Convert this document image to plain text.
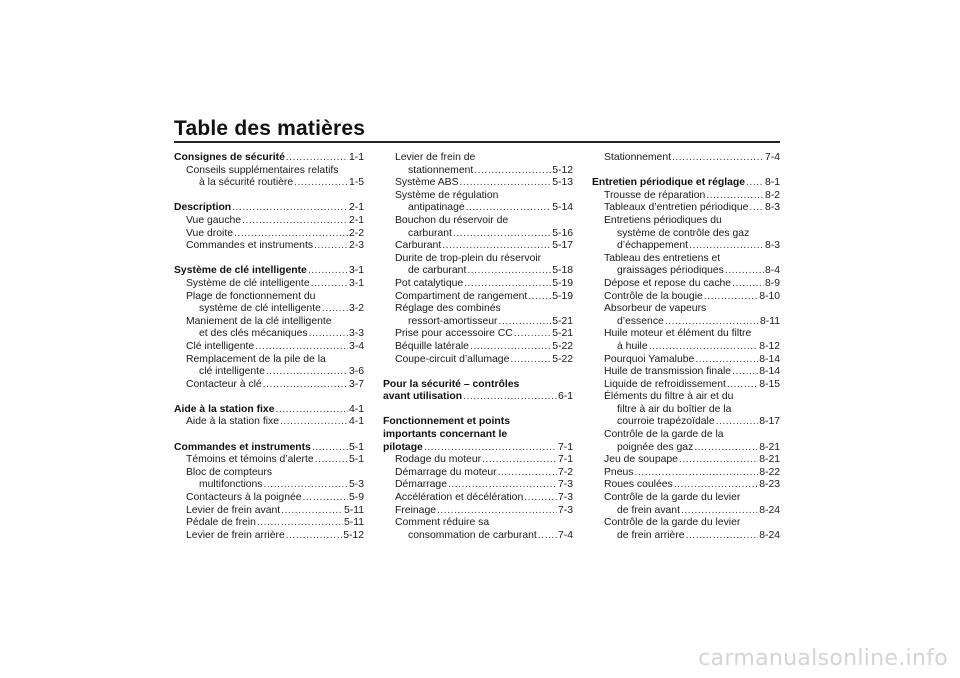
Table des matières
Consignes de sécurité .....	1-1
Conseils supplémentaires relatifs
à la sécurité routière .....	1-5
Description .....	2-1
Vue gauche .....	2-1
Vue droite .....	2-2
Commandes et instruments .....	2-3
Système de clé intelligente .....	3-1
Système de clé intelligente .....	3-1
Plage de fonctionnement du
système de clé intelligente .....	3-2
Maniement de la clé intelligente
et des clés mécaniques .....	3-3
Clé intelligente .....	3-4
Remplacement de la pile de la
clé intelligente .....	3-6
Contacteur à clé .....	3-7
Aide à la station fixe .....	4-1
Aide à la station fixe .....	4-1
Commandes et instruments .....	5-1
Témoins et témoins d’alerte .....	5-1
Bloc de compteurs
multifonctions .....	5-3
Contacteurs à la poignée .....	5-9
Levier de frein avant .....	5-11
Pédale de frein .....	5-11
Levier de frein arrière .....	5-12
Levier de frein de
stationnement .....	5-12
Système ABS .....	5-13
Système de régulation
antipatinage .....	5-14
Bouchon du réservoir de
carburant .....	5-16
Carburant .....	5-17
Durite de trop-plein du réservoir
de carburant .....	5-18
Pot catalytique .....	5-19
Compartiment de rangement ..... 5-19
Réglage des combinés
ressort-amortisseur .....	5-21
Prise pour accessoire CC .....	5-21
Béquille latérale .....	5-22
Coupe-circuit d’allumage .....	5-22
Pour la sécurité – contrôles
avant utilisation .....	6-1
Fonctionnement et points
importants concernant le
pilotage .....	7-1
Rodage du moteur .....	7-1
Démarrage du moteur .....	7-2
Démarrage .....	7-3
Accélération et décélération .....	7-3
Freinage .....	7-3
Comment réduire sa
consommation de carburant ..... 7-4
Stationnement .....	7-4
Entretien périodique et réglage ..... 8-1
Trousse de réparation .....	8-2
Tableaux d’entretien périodique ..... 8-3
Entretiens périodiques du
système de contrôle des gaz
d’échappement .....	8-3
Tableau des entretiens et
graissages périodiques .....	8-4
Dépose et repose du cache .....	8-9
Contrôle de la bougie .....	8-10
Absorbeur de vapeurs
d’essence .....	8-11
Huile moteur et élément du filtre
à huile .....	8-12
Pourquoi Yamalube .....	8-14
Huile de transmission finale .....	8-14
Liquide de refroidissement .....	8-15
Éléments du filtre à air et du
filtre à air du boîtier de la
courroie trapézoïdale .....	8-17
Contrôle de la garde de la
poignée des gaz .....	8-21
Jeu de soupape .....	8-21
Pneus .....	8-22
Roues coulées .....	8-23
Contrôle de la garde du levier
de frein avant .....	8-24
Contrôle de la garde du levier
de frein arrière .....	8-24
carmanualsonline.info
